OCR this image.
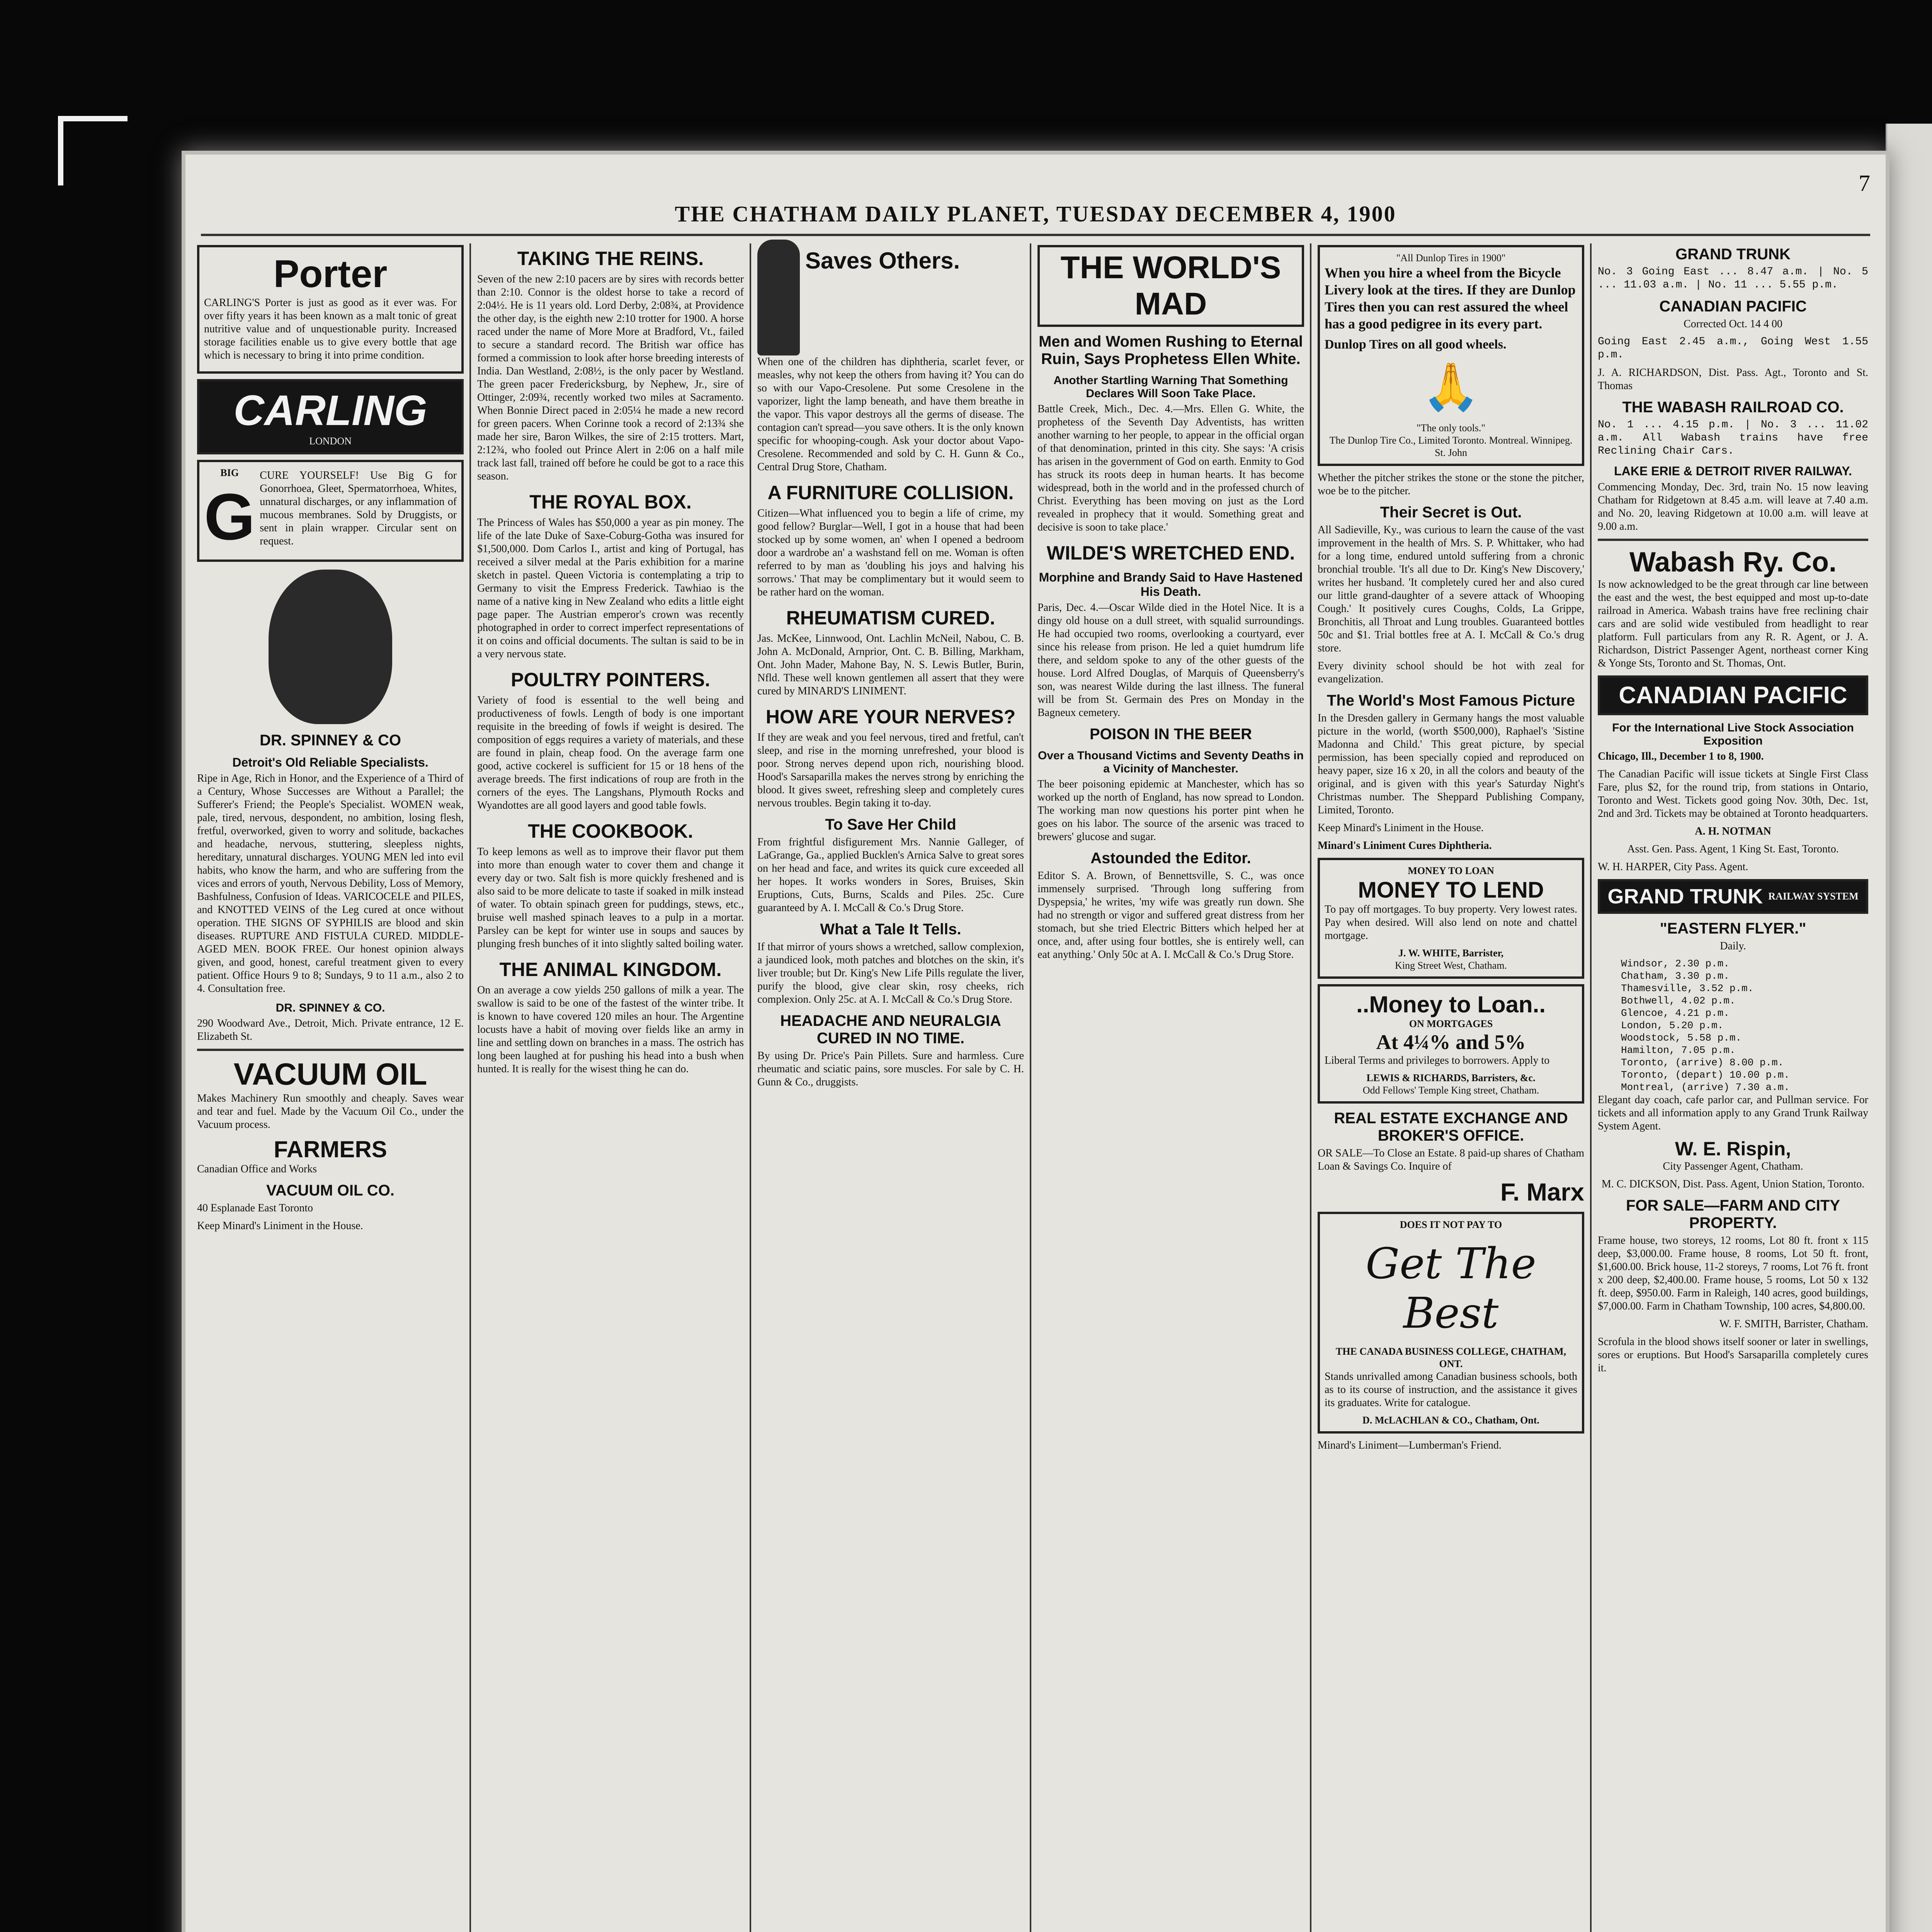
7
THE CHATHAM DAILY PLANET, TUESDAY DECEMBER 4, 1900
Porter

CARLING'S Porter is just as good as it ever was. For over fifty years it has been known as a malt tonic of great nutritive value and of unquestionable purity. Increased storage facilities enable us to give every bottle that age which is necessary to bring it into prime condition.

CARLING
LONDON
BIG
G

CURE YOURSELF! Use Big G for Gonorrhoea, Gleet, Spermatorrhoea, Whites, unnatural discharges, or any inflammation of mucous membranes. Sold by Druggists, or sent in plain wrapper. Circular sent on request.

DR. SPINNEY & CO
Detroit's Old Reliable Specialists.

Ripe in Age, Rich in Honor, and the Experience of a Third of a Century, Whose Successes are Without a Parallel; the Sufferer's Friend; the People's Specialist. WOMEN weak, pale, tired, nervous, despondent, no ambition, losing flesh, fretful, overworked, given to worry and solitude, backaches and headache, nervous, stuttering, sleepless nights, hereditary, unnatural discharges. YOUNG MEN led into evil habits, who know the harm, and who are suffering from the vices and errors of youth, Nervous Debility, Loss of Memory, Bashfulness, Confusion of Ideas. VARICOCELE and PILES, and KNOTTED VEINS of the Leg cured at once without operation. THE SIGNS OF SYPHILIS are blood and skin diseases. RUPTURE AND FISTULA CURED. MIDDLE-AGED MEN. BOOK FREE. Our honest opinion always given, and good, honest, careful treatment given to every patient. Office Hours 9 to 8; Sundays, 9 to 11 a.m., also 2 to 4. Consultation free.

DR. SPINNEY & CO.

290 Woodward Ave., Detroit, Mich. Private entrance, 12 E. Elizabeth St.

VACUUM OIL

Makes Machinery Run smoothly and cheaply. Saves wear and tear and fuel. Made by the Vacuum Oil Co., under the Vacuum process.

FARMERS

Canadian Office and Works

VACUUM OIL CO.

40 Esplanade East Toronto

Keep Minard's Liniment in the House.

TAKING THE REINS.

Seven of the new 2:10 pacers are by sires with records better than 2:10. Connor is the oldest horse to take a record of 2:04½. He is 11 years old. Lord Derby, 2:08¾, at Providence the other day, is the eighth new 2:10 trotter for 1900. A horse raced under the name of More More at Bradford, Vt., failed to secure a standard record. The British war office has formed a commission to look after horse breeding interests of India. Dan Westland, 2:08½, is the only pacer by Westland. The green pacer Fredericksburg, by Nephew, Jr., sire of Ottinger, 2:09¾, recently worked two miles at Sacramento. When Bonnie Direct paced in 2:05¼ he made a new record for green pacers. When Corinne took a record of 2:13¾ she made her sire, Baron Wilkes, the sire of 2:15 trotters. Mart, 2:12¾, who fooled out Prince Alert in 2:06 on a half mile track last fall, trained off before he could be got to a race this season.

THE ROYAL BOX.

The Princess of Wales has $50,000 a year as pin money. The life of the late Duke of Saxe-Coburg-Gotha was insured for $1,500,000. Dom Carlos I., artist and king of Portugal, has received a silver medal at the Paris exhibition for a marine sketch in pastel. Queen Victoria is contemplating a trip to Germany to visit the Empress Frederick. Tawhiao is the name of a native king in New Zealand who edits a little eight page paper. The Austrian emperor's crown was recently photographed in order to correct imperfect representations of it on coins and official documents. The sultan is said to be in a very nervous state.

POULTRY POINTERS.

Variety of food is essential to the well being and productiveness of fowls. Length of body is one important requisite in the breeding of fowls if weight is desired. The composition of eggs requires a variety of materials, and these are found in plain, cheap food. On the average farm one good, active cockerel is sufficient for 15 or 18 hens of the average breeds. The first indications of roup are froth in the corners of the eyes. The Langshans, Plymouth Rocks and Wyandottes are all good layers and good table fowls.

THE COOKBOOK.

To keep lemons as well as to improve their flavor put them into more than enough water to cover them and change it every day or two. Salt fish is more quickly freshened and is also said to be more delicate to taste if soaked in milk instead of water. To obtain spinach green for puddings, stews, etc., bruise well mashed spinach leaves to a pulp in a mortar. Parsley can be kept for winter use in soups and sauces by plunging fresh bunches of it into slightly salted boiling water.

THE ANIMAL KINGDOM.

On an average a cow yields 250 gallons of milk a year. The swallow is said to be one of the fastest of the winter tribe. It is known to have covered 120 miles an hour. The Argentine locusts have a habit of moving over fields like an army in line and settling down on branches in a mass. The ostrich has long been laughed at for pushing his head into a bush when hunted. It is really for the wisest thing he can do.

Saves Others.

When one of the children has diphtheria, scarlet fever, or measles, why not keep the others from having it? You can do so with our Vapo-Cresolene. Put some Cresolene in the vaporizer, light the lamp beneath, and have them breathe in the vapor. This vapor destroys all the germs of disease. The contagion can't spread—you save others. It is the only known specific for whooping-cough. Ask your doctor about Vapo-Cresolene. Recommended and sold by C. H. Gunn & Co., Central Drug Store, Chatham.

A FURNITURE COLLISION.

Citizen—What influenced you to begin a life of crime, my good fellow? Burglar—Well, I got in a house that had been stocked up by some women, an' when I opened a bedroom door a wardrobe an' a washstand fell on me. Woman is often referred to by man as 'doubling his joys and halving his sorrows.' That may be complimentary but it would seem to be rather hard on the woman.

RHEUMATISM CURED.

Jas. McKee, Linnwood, Ont. Lachlin McNeil, Nabou, C. B. John A. McDonald, Arnprior, Ont. C. B. Billing, Markham, Ont. John Mader, Mahone Bay, N. S. Lewis Butler, Burin, Nfld. These well known gentlemen all assert that they were cured by MINARD'S LINIMENT.

HOW ARE YOUR NERVES?

If they are weak and you feel nervous, tired and fretful, can't sleep, and rise in the morning unrefreshed, your blood is poor. Strong nerves depend upon rich, nourishing blood. Hood's Sarsaparilla makes the nerves strong by enriching the blood. It gives sweet, refreshing sleep and completely cures nervous troubles. Begin taking it to-day.

To Save Her Child

From frightful disfigurement Mrs. Nannie Galleger, of LaGrange, Ga., applied Bucklen's Arnica Salve to great sores on her head and face, and writes its quick cure exceeded all her hopes. It works wonders in Sores, Bruises, Skin Eruptions, Cuts, Burns, Scalds and Piles. 25c. Cure guaranteed by A. I. McCall & Co.'s Drug Store.

What a Tale It Tells.

If that mirror of yours shows a wretched, sallow complexion, a jaundiced look, moth patches and blotches on the skin, it's liver trouble; but Dr. King's New Life Pills regulate the liver, purify the blood, give clear skin, rosy cheeks, rich complexion. Only 25c. at A. I. McCall & Co.'s Drug Store.

HEADACHE AND NEURALGIA CURED IN NO TIME.

By using Dr. Price's Pain Pillets. Sure and harmless. Cure rheumatic and sciatic pains, sore muscles. For sale by C. H. Gunn & Co., druggists.

THE WORLD'S MAD
Men and Women Rushing to Eternal Ruin, Says Prophetess Ellen White.
Another Startling Warning That Something Declares Will Soon Take Place.

Battle Creek, Mich., Dec. 4.—Mrs. Ellen G. White, the prophetess of the Seventh Day Adventists, has written another warning to her people, to appear in the official organ of that denomination, printed in this city. She says: 'A crisis has arisen in the government of God on earth. Enmity to God has struck its roots deep in human hearts. It has become widespread, both in the world and in the professed church of Christ. Everything has been moving on just as the Lord revealed in prophecy that it would. Something great and decisive is soon to take place.'

WILDE'S WRETCHED END.
Morphine and Brandy Said to Have Hastened His Death.

Paris, Dec. 4.—Oscar Wilde died in the Hotel Nice. It is a dingy old house on a dull street, with squalid surroundings. He had occupied two rooms, overlooking a courtyard, ever since his release from prison. He led a quiet humdrum life there, and seldom spoke to any of the other guests of the house. Lord Alfred Douglas, of Marquis of Queensberry's son, was nearest Wilde during the last illness. The funeral will be from St. Germain des Pres on Monday in the Bagneux cemetery.

POISON IN THE BEER
Over a Thousand Victims and Seventy Deaths in a Vicinity of Manchester.

The beer poisoning epidemic at Manchester, which has so worked up the north of England, has now spread to London. The working man now questions his porter pint when he goes on his labor. The source of the arsenic was traced to brewers' glucose and sugar.

Astounded the Editor.

Editor S. A. Brown, of Bennettsville, S. C., was once immensely surprised. 'Through long suffering from Dyspepsia,' he writes, 'my wife was greatly run down. She had no strength or vigor and suffered great distress from her stomach, but she tried Electric Bitters which helped her at once, and, after using four bottles, she is entirely well, can eat anything.' Only 50c at A. I. McCall & Co.'s Drug Store.

"All Dunlop Tires in 1900"

When you hire a wheel from the Bicycle Livery look at the tires. If they are Dunlop Tires then you can rest assured the wheel has a good pedigree in its every part.

Dunlop Tires on all good wheels.

🙏
"The only tools."
The Dunlop Tire Co., Limited Toronto. Montreal. Winnipeg. St. John

Whether the pitcher strikes the stone or the stone the pitcher, woe be to the pitcher.

Their Secret is Out.

All Sadieville, Ky., was curious to learn the cause of the vast improvement in the health of Mrs. S. P. Whittaker, who had for a long time, endured untold suffering from a chronic bronchial trouble. 'It's all due to Dr. King's New Discovery,' writes her husband. 'It completely cured her and also cured our little grand-daughter of a severe attack of Whooping Cough.' It positively cures Coughs, Colds, La Grippe, Bronchitis, all Throat and Lung troubles. Guaranteed bottles 50c and $1. Trial bottles free at A. I. McCall & Co.'s drug store.

Every divinity school should be hot with zeal for evangelization.

The World's Most Famous Picture

In the Dresden gallery in Germany hangs the most valuable picture in the world, (worth $500,000), Raphael's 'Sistine Madonna and Child.' This great picture, by special permission, has been specially copied and reproduced on heavy paper, size 16 x 20, in all the colors and beauty of the original, and is given with this year's Saturday Night's Christmas number. The Sheppard Publishing Company, Limited, Toronto.

Keep Minard's Liniment in the House.

Minard's Liniment Cures Diphtheria.

MONEY TO LOAN
MONEY TO LEND

To pay off mortgages. To buy property. Very lowest rates. Pay when desired. Will also lend on note and chattel mortgage.

J. W. WHITE, Barrister,
King Street West, Chatham.
..Money to Loan..
ON MORTGAGES
At 4¼% and 5%

Liberal Terms and privileges to borrowers. Apply to

LEWIS & RICHARDS, Barristers, &c.
Odd Fellows' Temple King street, Chatham.
REAL ESTATE EXCHANGE AND BROKER'S OFFICE.

OR SALE—To Close an Estate. 8 paid-up shares of Chatham Loan & Savings Co. Inquire of

F. Marx
DOES IT NOT PAY TO
Get The Best
THE CANADA BUSINESS COLLEGE, CHATHAM, ONT.

Stands unrivalled among Canadian business schools, both as to its course of instruction, and the assistance it gives its graduates. Write for catalogue.

D. McLACHLAN & CO., Chatham, Ont.

Minard's Liniment—Lumberman's Friend.

GRAND TRUNK

No. 3 Going East ... 8.47 a.m. | No. 5 ... 11.03 a.m. | No. 11 ... 5.55 p.m.

CANADIAN PACIFIC

Corrected Oct. 14 4 00

Going East 2.45 a.m., Going West 1.55 p.m.

J. A. RICHARDSON, Dist. Pass. Agt., Toronto and St. Thomas

THE WABASH RAILROAD CO.

No. 1 ... 4.15 p.m. | No. 3 ... 11.02 a.m. All Wabash trains have free Reclining Chair Cars.

LAKE ERIE & DETROIT RIVER RAILWAY.

Commencing Monday, Dec. 3rd, train No. 15 now leaving Chatham for Ridgetown at 8.45 a.m. will leave at 7.40 a.m. and No. 20, leaving Ridgetown at 10.00 a.m. will leave at 9.00 a.m.

Wabash Ry. Co.

Is now acknowledged to be the great through car line between the east and the west, the best equipped and most up-to-date railroad in America. Wabash trains have free reclining chair cars and are solid wide vestibuled from headlight to rear platform. Full particulars from any R. R. Agent, or J. A. Richardson, District Passenger Agent, northeast corner King & Yonge Sts, Toronto and St. Thomas, Ont.

CANADIAN PACIFIC
For the International Live Stock Association Exposition

Chicago, Ill., December 1 to 8, 1900.

The Canadian Pacific will issue tickets at Single First Class Fare, plus $2, for the round trip, from stations in Ontario, Toronto and West. Tickets good going Nov. 30th, Dec. 1st, 2nd and 3rd. Tickets may be obtained at Toronto headquarters.

A. H. NOTMAN

Asst. Gen. Pass. Agent, 1 King St. East, Toronto.

W. H. HARPER, City Pass. Agent.

GRAND TRUNK RAILWAY SYSTEM
"EASTERN FLYER."

Daily.

Windsor, 2.30 p.m.
Chatham, 3.30 p.m.
Thamesville, 3.52 p.m.
Bothwell, 4.02 p.m.
Glencoe, 4.21 p.m.
London, 5.20 p.m.
Woodstock, 5.58 p.m.
Hamilton, 7.05 p.m.
Toronto, (arrive) 8.00 p.m.
Toronto, (depart) 10.00 p.m.
Montreal, (arrive) 7.30 a.m.

Elegant day coach, cafe parlor car, and Pullman service. For tickets and all information apply to any Grand Trunk Railway System Agent.

W. E. Rispin,

City Passenger Agent, Chatham.

M. C. DICKSON, Dist. Pass. Agent, Union Station, Toronto.

FOR SALE—FARM AND CITY PROPERTY.

Frame house, two storeys, 12 rooms, Lot 80 ft. front x 115 deep, $3,000.00. Frame house, 8 rooms, Lot 50 ft. front, $1,600.00. Brick house, 11-2 storeys, 7 rooms, Lot 76 ft. front x 200 deep, $2,400.00. Frame house, 5 rooms, Lot 50 x 132 ft. deep, $950.00. Farm in Raleigh, 140 acres, good buildings, $7,000.00. Farm in Chatham Township, 100 acres, $4,800.00.

W. F. SMITH, Barrister, Chatham.

Scrofula in the blood shows itself sooner or later in swellings, sores or eruptions. But Hood's Sarsaparilla completely cures it.
